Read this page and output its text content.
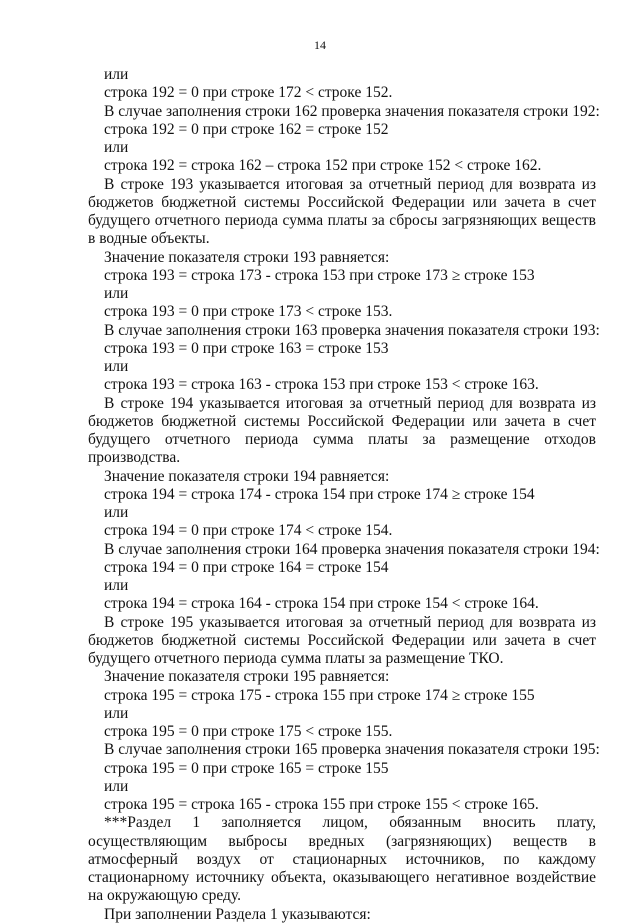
14
или
строка 192 = 0 при строке 172 < строке 152.
В случае заполнения строки 162 проверка значения показателя строки 192:
строка 192 = 0 при строке 162 = строке 152
или
строка 192 = строка 162 – строка 152 при строке 152 < строке 162.
В строке 193 указывается итоговая за отчетный период для возврата из бюджетов бюджетной системы Российской Федерации или зачета в счет будущего отчетного периода сумма платы за сбросы загрязняющих веществ в водные объекты.
Значение показателя строки 193 равняется:
строка 193 = строка 173 - строка 153 при строке 173 ≥ строке 153
или
строка 193 = 0 при строке 173 < строке 153.
В случае заполнения строки 163 проверка значения показателя строки 193:
строка 193 = 0 при строке 163 = строке 153
или
строка 193 = строка 163 - строка 153 при строке 153 < строке 163.
В строке 194 указывается итоговая за отчетный период для возврата из бюджетов бюджетной системы Российской Федерации или зачета в счет будущего отчетного периода сумма платы за размещение отходов производства.
Значение показателя строки 194 равняется:
строка 194 = строка 174 - строка 154 при строке 174 ≥ строке 154
или
строка 194 = 0 при строке 174 < строке 154.
В случае заполнения строки 164 проверка значения показателя строки 194:
строка 194 = 0 при строке 164 = строке 154
или
строка 194 = строка 164 - строка 154 при строке 154 < строке 164.
В строке 195 указывается итоговая за отчетный период для возврата из бюджетов бюджетной системы Российской Федерации или зачета в счет будущего отчетного периода сумма платы за размещение ТКО.
Значение показателя строки 195 равняется:
строка 195 = строка 175 - строка 155 при строке 174 ≥ строке 155
или
строка 195 = 0 при строке 175 < строке 155.
В случае заполнения строки 165 проверка значения показателя строки 195:
строка 195 = 0 при строке 165 = строке 155
или
строка 195 = строка 165 - строка 155 при строке 155 < строке 165.
***Раздел 1 заполняется лицом, обязанным вносить плату, осуществляющим выбросы вредных (загрязняющих) веществ в атмосферный воздух от стационарных источников, по каждому стационарному источнику объекта, оказывающего негативное воздействие на окружающую среду.
При заполнении Раздела 1 указываются:
